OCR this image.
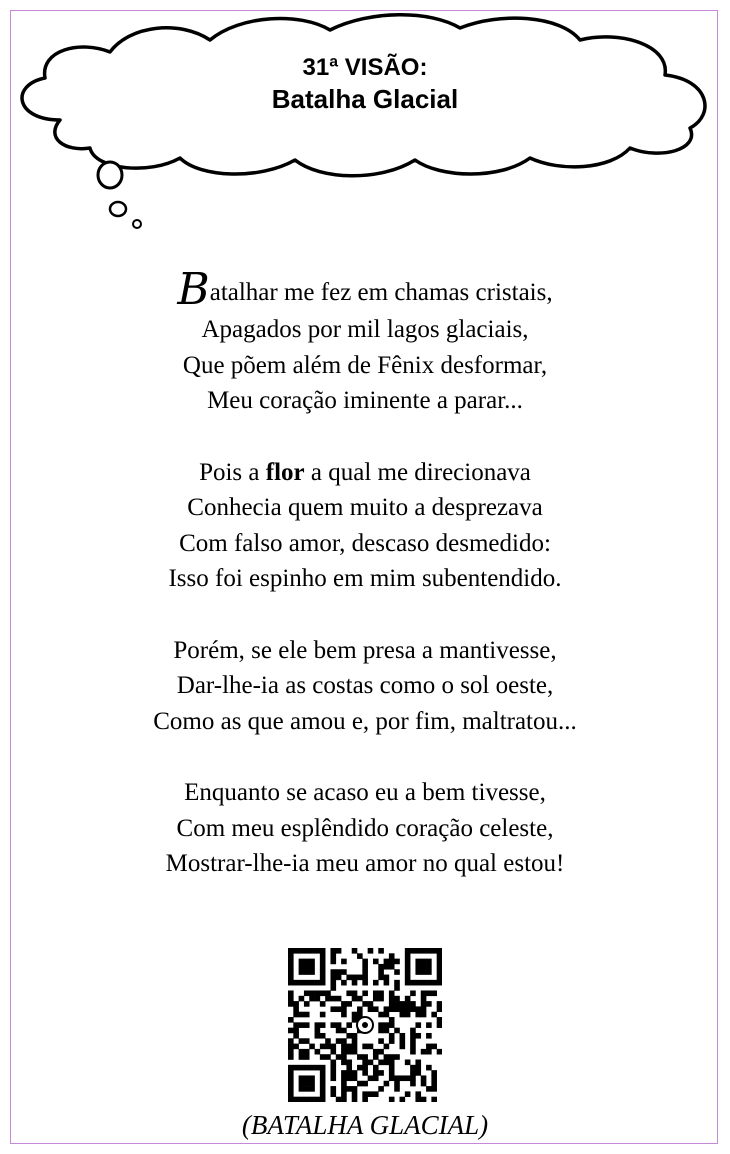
31ª VISÃO:
Batalha Glacial
Batalhar me fez em chamas cristais,
Apagados por mil lagos glaciais,
Que põem além de Fênix desformar,
Meu coração iminente a parar...
Pois a flor a qual me direcionava
Conhecia quem muito a desprezava
Com falso amor, descaso desmedido:
Isso foi espinho em mim subentendido.
Porém, se ele bem presa a mantivesse,
Dar-lhe-ia as costas como o sol oeste,
Como as que amou e, por fim, maltratou...
Enquanto se acaso eu a bem tivesse,
Com meu esplêndido coração celeste,
Mostrar-lhe-ia meu amor no qual estou!
(BATALHA GLACIAL)
